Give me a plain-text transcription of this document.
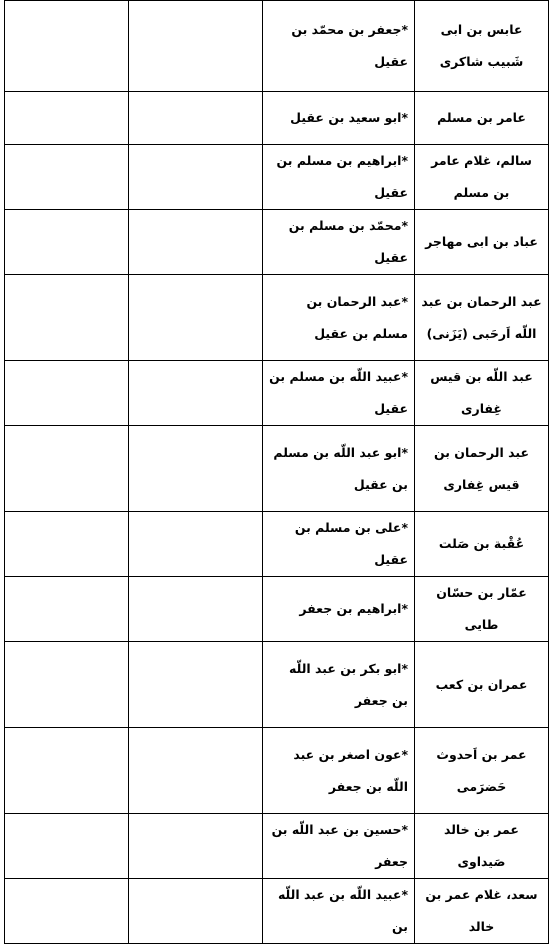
		*جعفر بن محمّد بن عقیل	عابس بن ابی شَبیب شاکری
		*ابو سعید بن عقیل	عامر بن مسلم
		*ابراهیم بن مسلم بن عقیل	سالم، غلام عامر بن مسلم
		*محمّد بن مسلم بن عقیل	عباد بن ابی مهاجر
		*عبد الرحمان بن مسلم بن عقیل	عبد الرحمان بن عبد اللّه اَرحَبی (یَزَنی)
		*عبید اللّه بن مسلم بن عقیل	عبد اللّه بن قیس غِفاری
		*ابو عبد اللّه بن مسلم بن عقیل	عبد الرحمان بن قیس غِفاری
		*علی بن مسلم بن عقیل	عُقْبة بن صَلت
		*ابراهیم بن جعفر	عمّار بن حسّان طایی
		*ابو بکر بن عبد اللّه بن جعفر	عمران بن کعب
		*عون اصغر بن عبد اللّه بن جعفر	عمر بن اَحدوث حَضرَمی
		*حسین بن عبد اللّه بن جعفر	عمر بن خالد صَیداوی
		*عبید اللّه بن عبد اللّه بن	سعد، غلام عمر بن خالد
